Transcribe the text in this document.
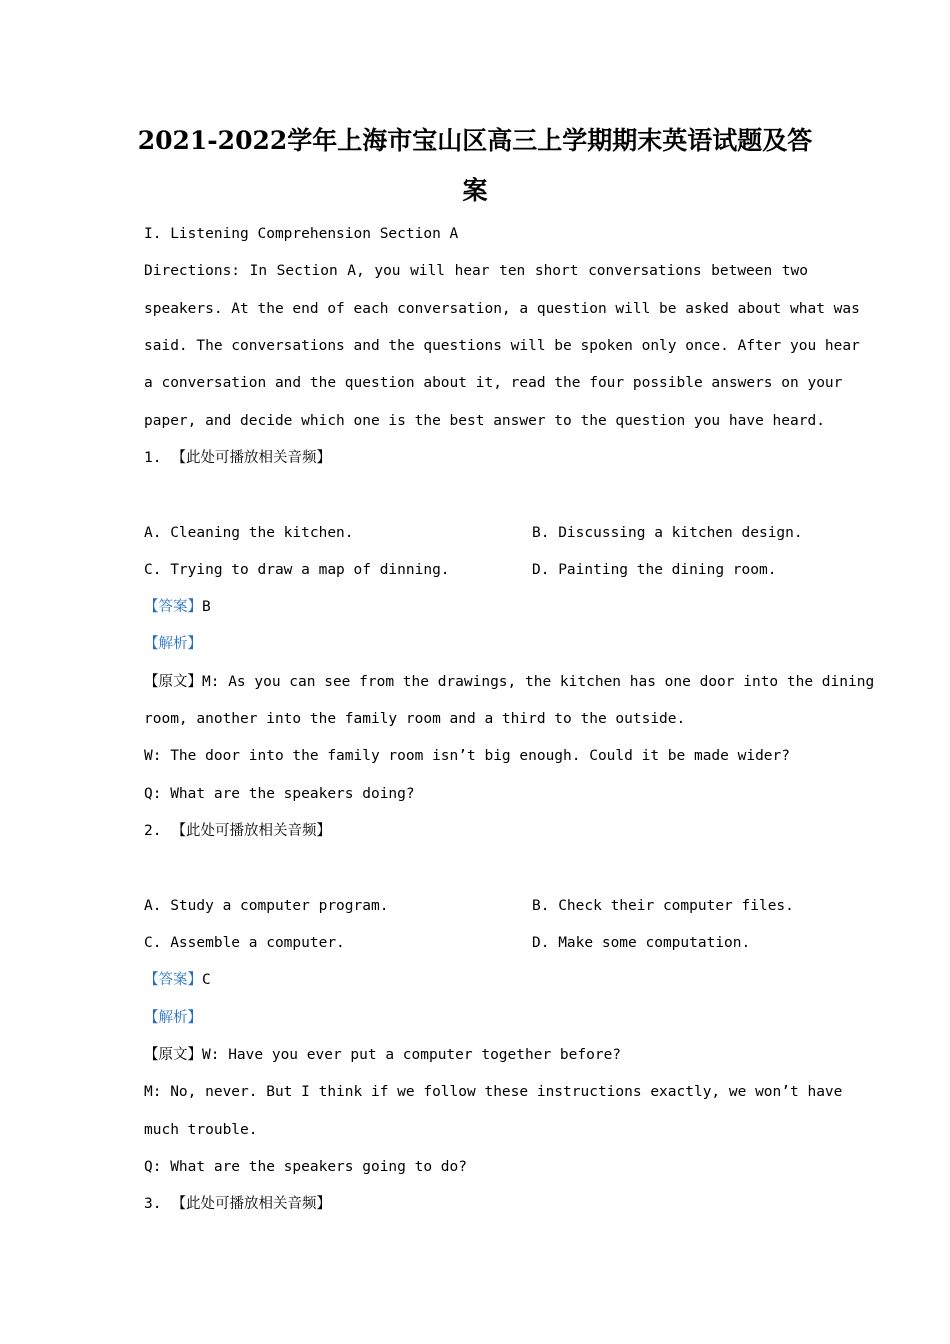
2021-2022学年上海市宝山区高三上学期期末英语试题及答
案
I. Listening Comprehension Section A
Directions: In Section A, you will hear ten short conversations between two
speakers. At the end of each conversation, a question will be asked about what was
said. The conversations and the questions will be spoken only once. After you hear
a conversation and the question about it, read the four possible answers on your
paper, and decide which one is the best answer to the question you have heard.
1. 【此处可播放相关音频】
A. Cleaning the kitchen.	B. Discussing a kitchen design.
C. Trying to draw a map of dinning.	D. Painting the dining room.
【答案】B
【解析】
【原文】M: As you can see from the drawings, the kitchen has one door into the dining
room, another into the family room and a third to the outside.
W: The door into the family room isn’t big enough. Could it be made wider?
Q: What are the speakers doing?
2. 【此处可播放相关音频】
A. Study a computer program.	B. Check their computer files.
C. Assemble a computer.	D. Make some computation.
【答案】C
【解析】
【原文】W: Have you ever put a computer together before?
M: No, never. But I think if we follow these instructions exactly, we won’t have
much trouble.
Q: What are the speakers going to do?
3. 【此处可播放相关音频】
